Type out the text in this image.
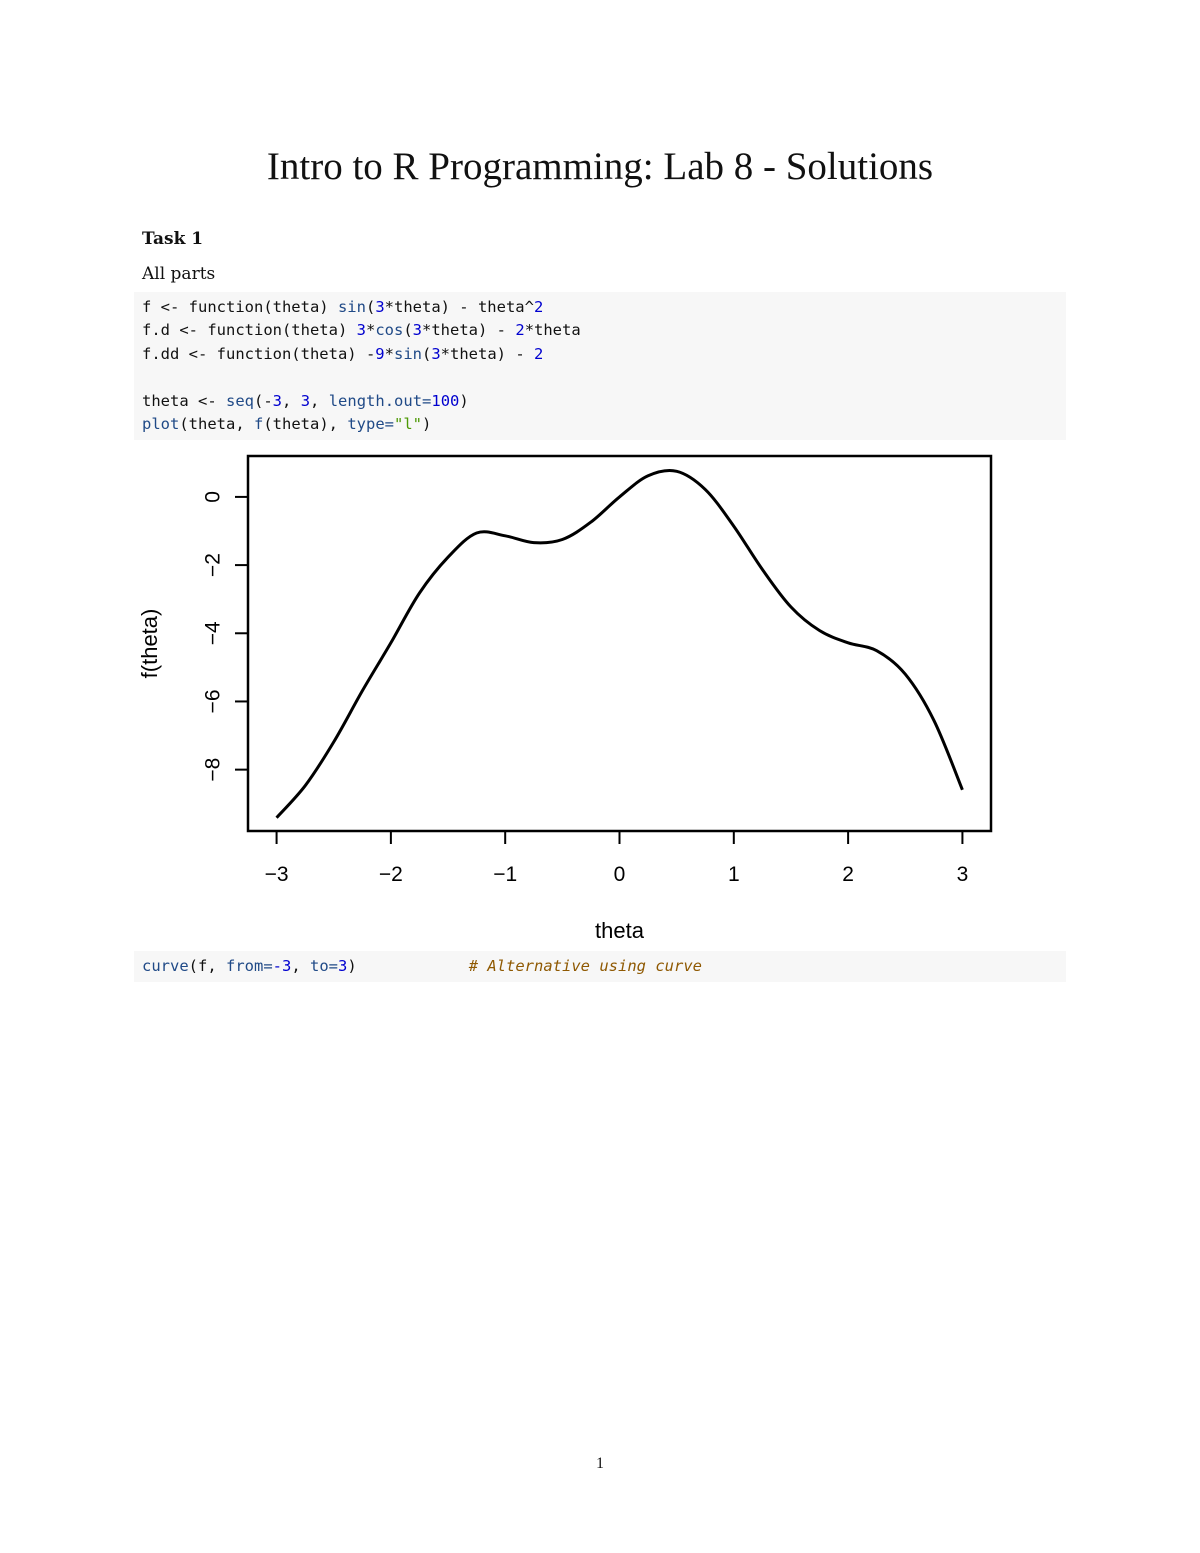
Intro to R Programming: Lab 8 - Solutions
Task 1
All parts
f <- function(theta) sin(3*theta) - theta^2
f.d <- function(theta) 3*cos(3*theta) - 2*theta
f.dd <- function(theta) -9*sin(3*theta) - 2
theta <- seq(-3, 3, length.out=100)
plot(theta, f(theta), type="l")
−3	−2	−1	0	1	2	3
0
−2
−4
−6
−8
theta
f(theta)
curve(f, from=-3, to=3)	# Alternative using curve
1
